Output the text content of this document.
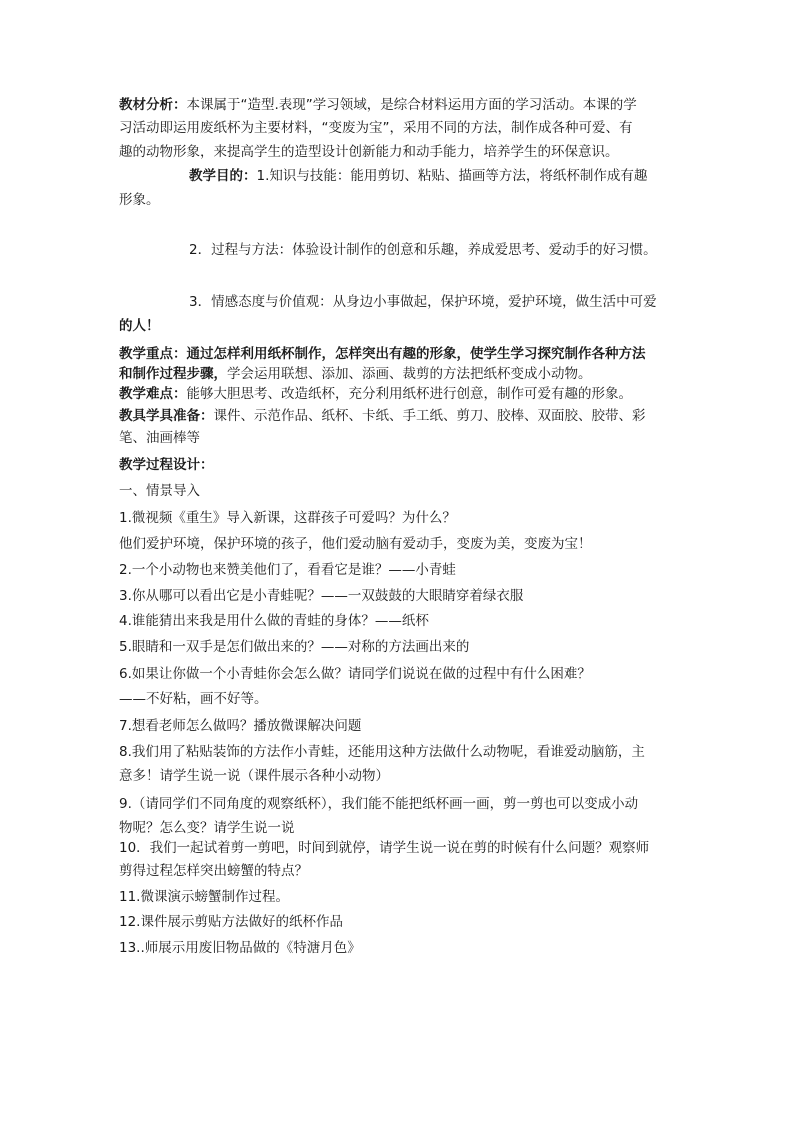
教材分析：本课属于“造型.表现”学习领域，是综合材料运用方面的学习活动。本课的学
习活动即运用废纸杯为主要材料，“变废为宝”，采用不同的方法，制作成各种可爱、有
趣的动物形象，来提高学生的造型设计创新能力和动手能力，培养学生的环保意识。
教学目的：1.知识与技能：能用剪切、粘贴、描画等方法，将纸杯制作成有趣
形象。
2．过程与方法：体验设计制作的创意和乐趣，养成爱思考、爱动手的好习惯。
3．情感态度与价值观：从身边小事做起，保护环境，爱护环境，做生活中可爱
的人！
教学重点：通过怎样利用纸杯制作，怎样突出有趣的形象，使学生学习探究制作各种方法
和制作过程步骤，学会运用联想、添加、添画、裁剪的方法把纸杯变成小动物。
教学难点：能够大胆思考、改造纸杯，充分利用纸杯进行创意，制作可爱有趣的形象。
教具学具准备：课件、示范作品、纸杯、卡纸、手工纸、剪刀、胶棒、双面胶、胶带、彩
笔、油画棒等
教学过程设计：
一、情景导入
1.微视频《重生》导入新课，这群孩子可爱吗？为什么？
他们爱护环境，保护环境的孩子，他们爱动脑有爱动手，变废为美，变废为宝！
2.一个小动物也来赞美他们了，看看它是谁？——小青蛙
3.你从哪可以看出它是小青蛙呢？——一双鼓鼓的大眼睛穿着绿衣服
4.谁能猜出来我是用什么做的青蛙的身体？——纸杯
5.眼睛和一双手是怎们做出来的？——对称的方法画出来的
6.如果让你做一个小青蛙你会怎么做？请同学们说说在做的过程中有什么困难？
——不好粘，画不好等。
7.想看老师怎么做吗？播放微课解决问题
8.我们用了粘贴装饰的方法作小青蛙，还能用这种方法做什么动物呢，看谁爱动脑筋，主
意多！请学生说一说（课件展示各种小动物）
9.（请同学们不同角度的观察纸杯），我们能不能把纸杯画一画，剪一剪也可以变成小动
物呢？怎么变？请学生说一说
10．我们一起试着剪一剪吧，时间到就停，请学生说一说在剪的时候有什么问题？观察师
剪得过程怎样突出螃蟹的特点？
11.微课演示螃蟹制作过程。
12.课件展示剪贴方法做好的纸杯作品
13..师展示用废旧物品做的《特溏月色》
